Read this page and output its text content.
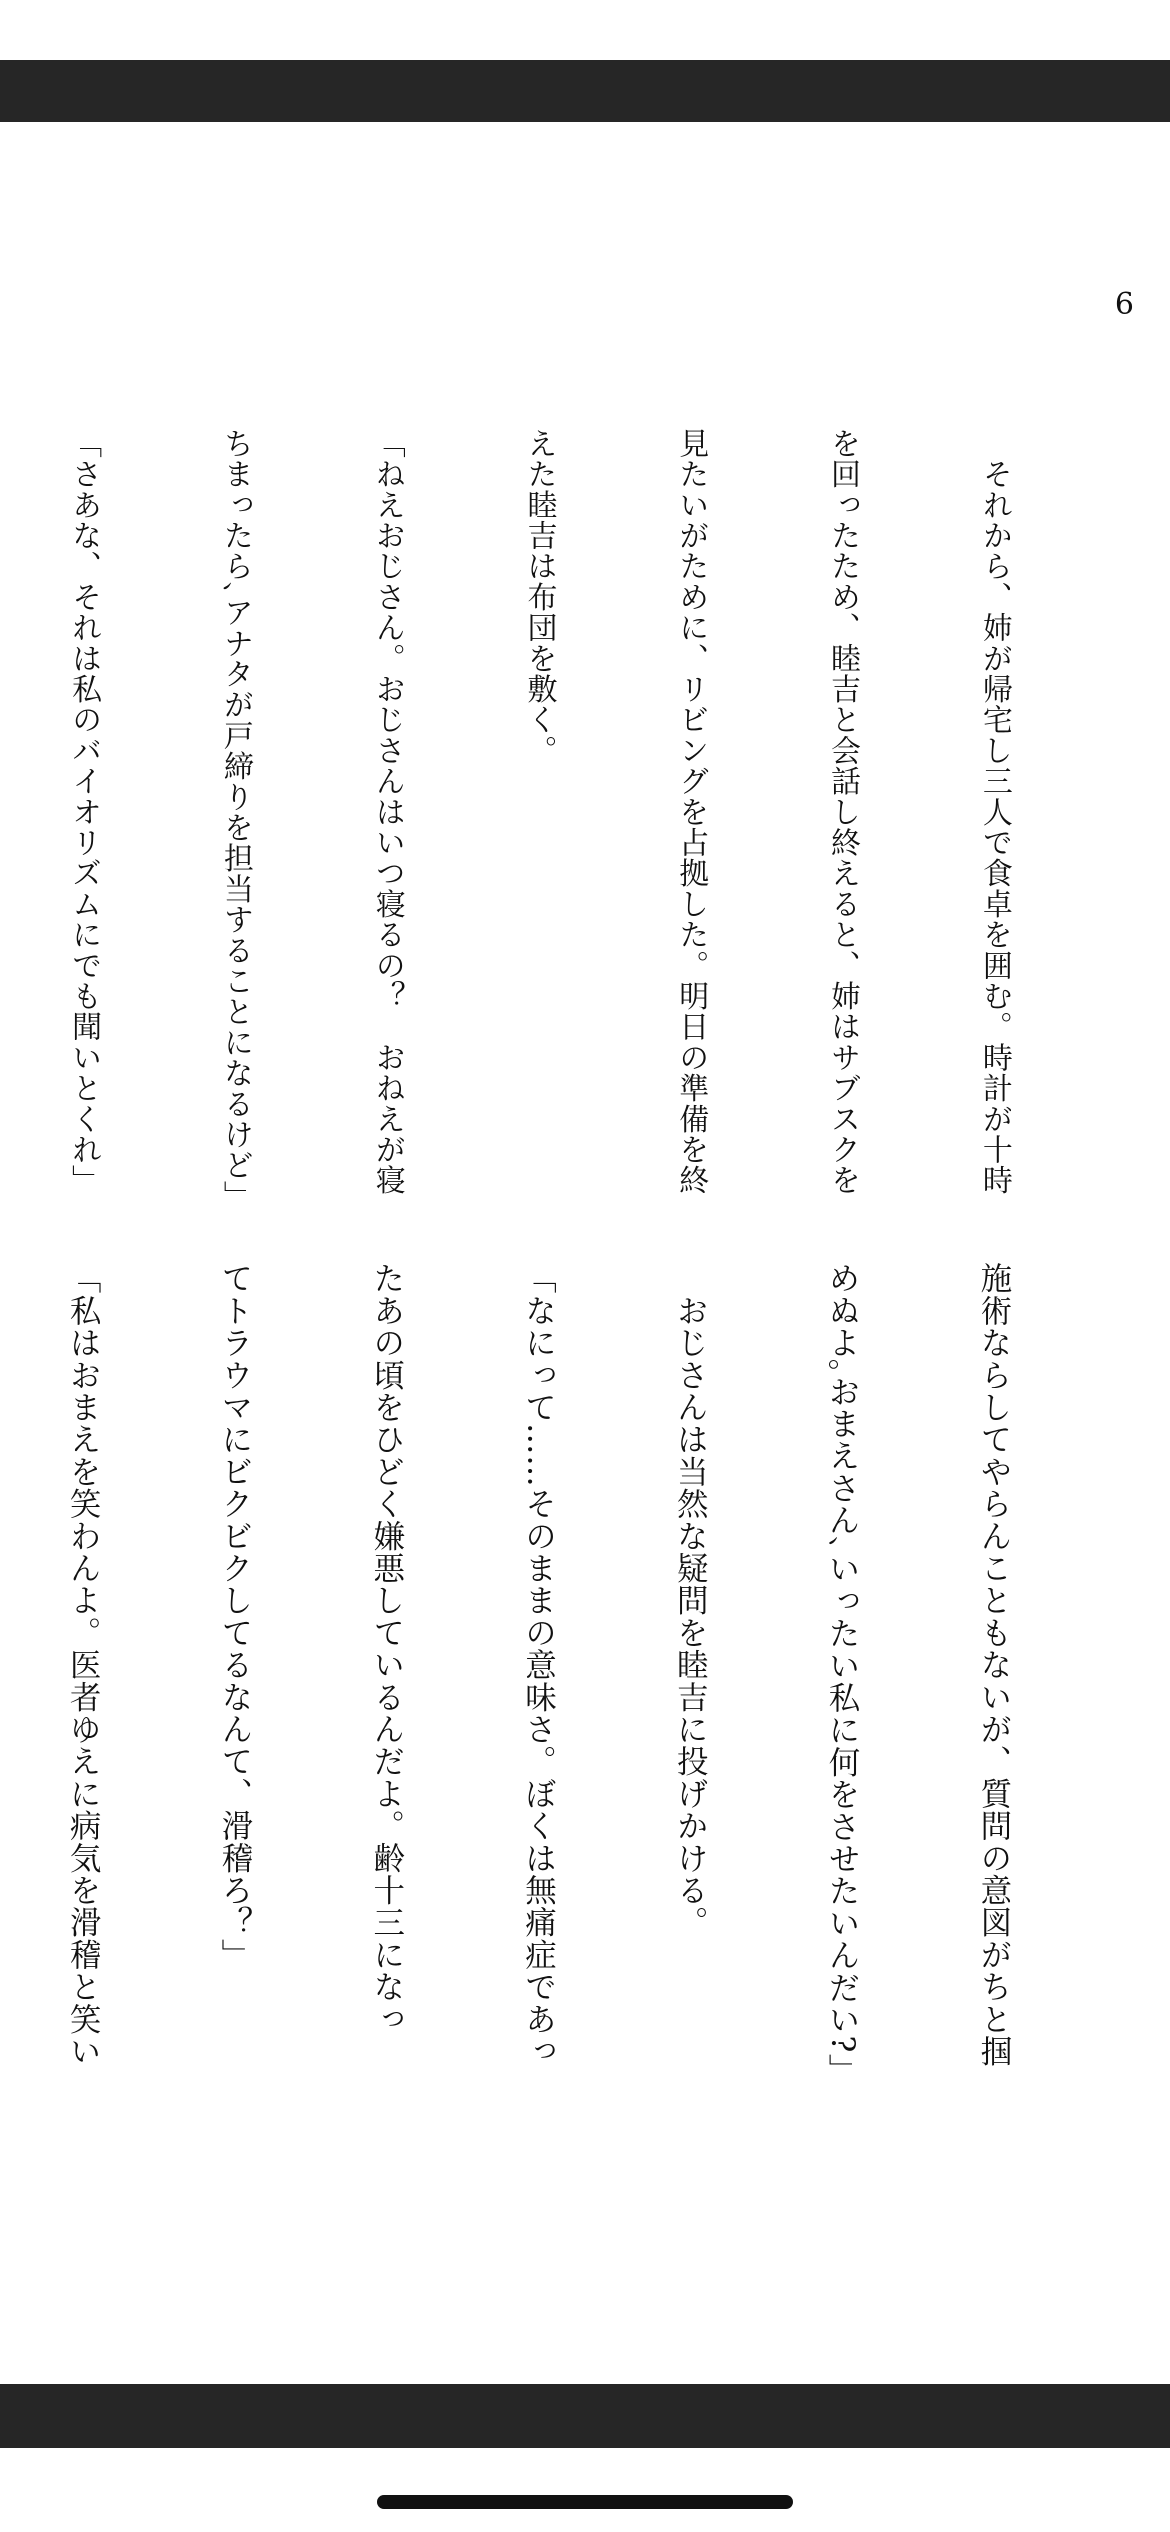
6

　それから、姉が帰宅し三人で食卓を囲む。時計が十時

を回ったため、睦吉と会話し終えると、姉はサブスクを

見たいがために、リビングを占拠した。明日の準備を終

えた睦吉は布団を敷く。

「ねえおじさん。おじさんはいつ寝るの？　おねえが寝

ちまったら､アナタが戸締りを担当することになるけど」

「さあな、それは私のバイオリズムにでも聞いとくれ」

施術ならしてやらんこともないが、質問の意図がちと掴

めぬよ｡おまえさん､いったい私に何をさせたいんだい?」

　おじさんは当然な疑問を睦吉に投げかける。

「なにって……そのままの意味さ。ぼくは無痛症であっ

たあの頃をひどく嫌悪しているんだよ。齢十三になっ

てトラウマにビクビクしてるなんて、滑稽ろ？」

「私はおまえを笑わんよ。医者ゆえに病気を滑稽と笑い
